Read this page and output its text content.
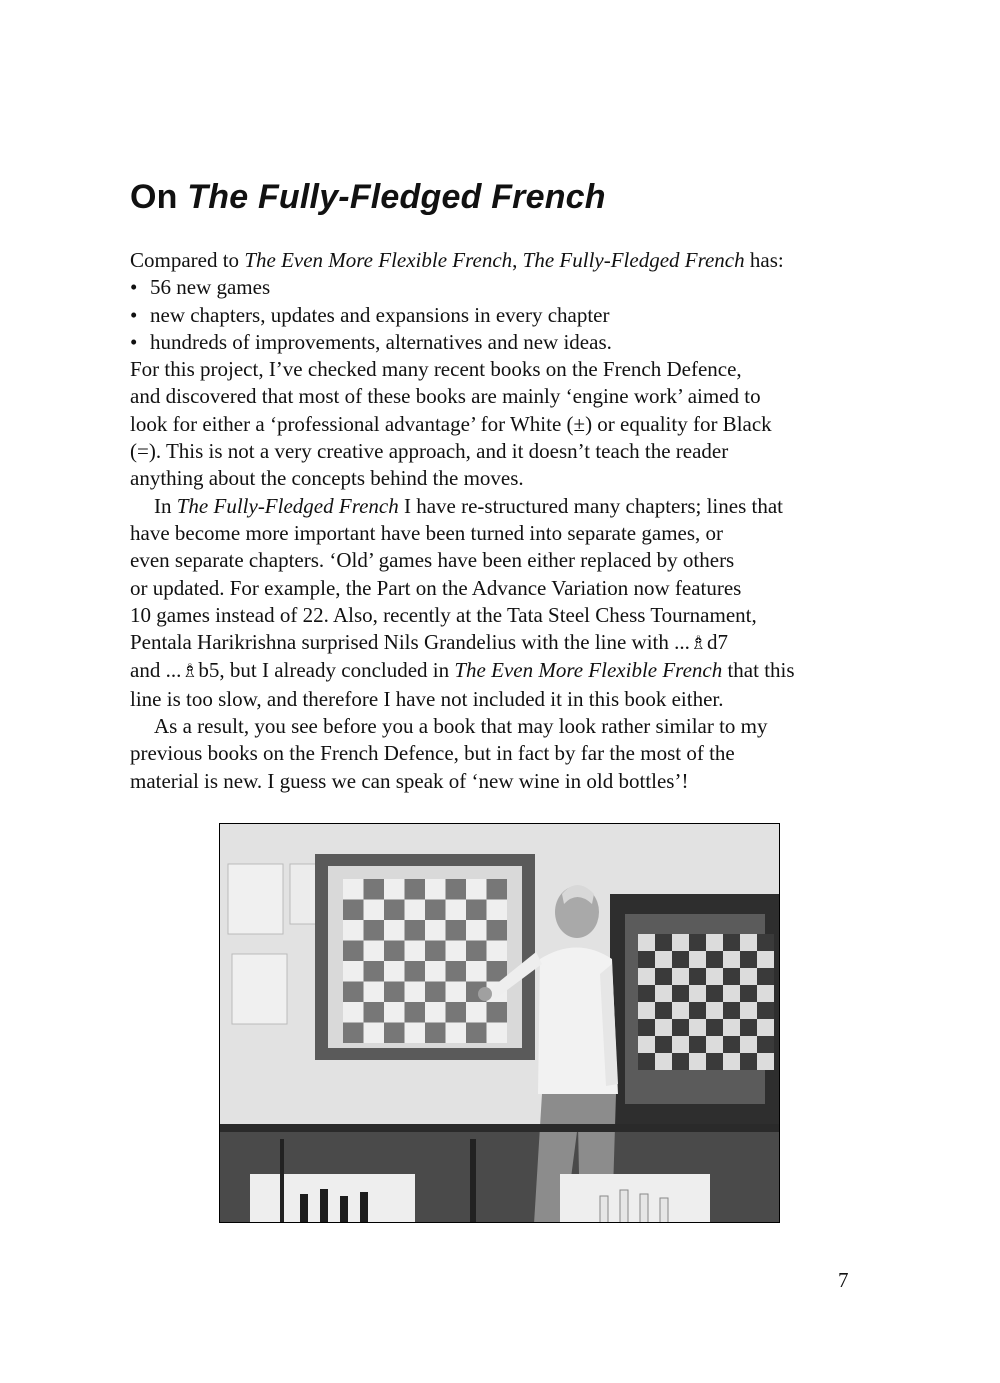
On The Fully-Fledged French
Compared to The Even More Flexible French, The Fully-Fledged French has:
• 56 new games
• new chapters, updates and expansions in every chapter
• hundreds of improvements, alternatives and new ideas.
For this project, I’ve checked many recent books on the French Defence,
and discovered that most of these books are mainly ‘engine work’ aimed to
look for either a ‘professional advantage’ for White (±) or equality for Black
(=). This is not a very creative approach, and it doesn’t teach the reader
anything about the concepts behind the moves.
In The Fully-Fledged French I have re-structured many chapters; lines that
have become more important have been turned into separate games, or
even separate chapters. ‘Old’ games have been either replaced by others
or updated. For example, the Part on the Advance Variation now features
10 games instead of 22. Also, recently at the Tata Steel Chess Tournament,
Pentala Harikrishna surprised Nils Grandelius with the line with ...♗d7
and ...♗b5, but I already concluded in The Even More Flexible French that this
line is too slow, and therefore I have not included it in this book either.
As a result, you see before you a book that may look rather similar to my
previous books on the French Defence, but in fact by far the most of the
material is new. I guess we can speak of ‘new wine in old bottles’!
7
